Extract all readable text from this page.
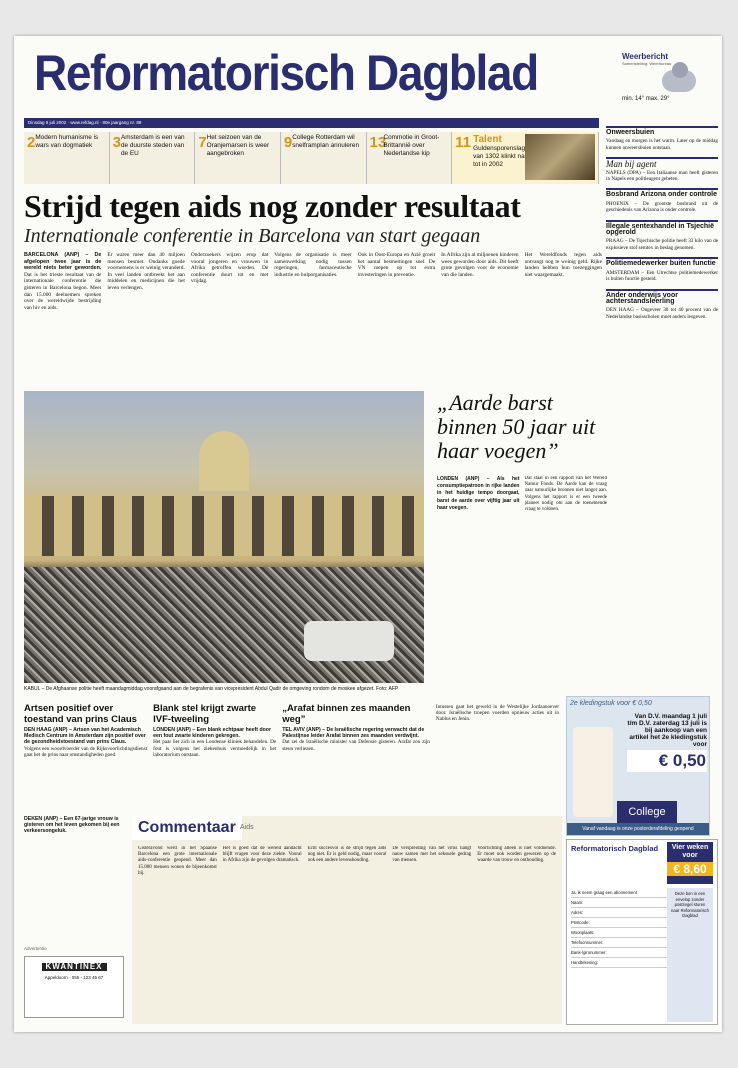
Reformatorisch Dagblad	Weerbericht
Samenstelling: Weerbureau
min. 14° max. 29°
Dinsdag 9 juli 2002 · www.refdag.nl · 80e jaargang nr. 88
2 Modern humanisme is wars van dogmatiek	3 Amsterdam is een van de duurste steden van de EU
7 Het seizoen van de Oranjemarsen is weer aangebroken
9 College Rotterdam wil snelframplan annuleren 13
Commotie in Groot-Brittannië over Nederlandse kip
11 Talent
Guldensporenslag van 1302 klinkt na tot in 2002
Strijd tegen aids nog zonder resultaat
Internationale conferentie in Barcelona van start gegaan
BARCELONA (ANP) – De afgelopen twee jaar is de wereld niets beter geworden. Dat is het trieste resultaat van de internationale conferentie die gisteren in Barcelona begon. Meer dan 15.000 deelnemers spreken over de wereldwijde bestrijding van hiv en aids.
Er waren meer dan 40 miljoen mensen besmet. Ondanks goede voornemens is er weinig veranderd. In veel landen ontbreekt het aan middelen en medicijnen die het leven verlengen.
Onderzoekers wijzen erop dat vooral jongeren en vrouwen in Afrika getroffen worden. De conferentie duurt tot en met vrijdag.
Volgens de organisatie is meer samenwerking nodig tussen regeringen, farmaceutische industrie en hulporganisaties.
Ook in Oost-Europa en Azië groeit het aantal besmettingen snel. De VN roepen op tot extra investeringen in preventie.
In Afrika zijn al miljoenen kinderen wees geworden door aids. Dit heeft grote gevolgen voor de economie van die landen.
Het Wereldfonds tegen aids ontvangt nog te weinig geld. Rijke landen hebben hun toezeggingen niet waargemaakt.
KABUL – De Afghaanse politie heeft maandagmiddag voorafgaand aan de begrafenis van vicepresident Abdul Qadir de omgeving rondom de moskee afgezet. Foto: AFP
„Aarde barst binnen 50 jaar uit haar voegen”
LONDEN (ANP) – Als het consumptiepatroon in rijke landen in het huidige tempo doorgaat, barst de aarde over vijftig jaar uit haar voegen.
Dat staat in een rapport van het Wereld Natuur Fonds. De Aarde kan de vraag naar natuurlijke bronnen niet langer aan. Volgens het rapport is er een tweede planeet nodig om aan de toenemende vraag te voldoen.
Onweersbuien

Vandaag en morgen is het warm. Later op de middag kunnen onweersbuien ontstaan.

Man bij agent

NAPELS (DPA) – Een Italiaanse man heeft gisteren in Napels een politieagent gebeten.

Bosbrand Arizona onder controle

PHOENIX – De grootste bosbrand uit de geschiedenis van Arizona is onder controle.

Illegale sentexhandel in Tsjechië opgerold

PRAAG – De Tsjechische politie heeft 33 kilo van de explosieve stof semtex in beslag genomen.

Politiemedewerker buiten functie

AMSTERDAM – Een Utrechtse politiemedewerker is buiten functie gesteld.

Ander onderwijs voor achterstandsleerling

DEN HAAG – Ongeveer 30 tot 40 procent van de Nederlandse basisscholen moet anders lesgeven.

2e kledingstuk voor € 0,50
Van D.V. maandag 1 juli t/m D.V. zaterdag 13 juli is bij aankoop van een artikel het 2e kledingstuk voor
€ 0,50
College
Vanaf vandaag is onze postorderafdeling geopend
Artsen positief over toestand van prins Claus
DEN HAAG (ANP) – Artsen van het Academisch Medisch Centrum in Amsterdam zijn positief over de gezondheidstoestand van prins Claus.

Volgens een woordvoerder van de Rijksvoorlichtingsdienst gaat het de prins naar omstandigheden goed.

Blank stel krijgt zwarte IVF-tweeling
LONDEN (ANP) – Een blank echtpaar heeft door een fout zwarte kinderen gekregen.

Het paar liet zich in een Londense kliniek behandelen. De fout is volgens het ziekenhuis vermoedelijk in het laboratorium ontstaan.

„Arafat binnen zes maanden weg”
TEL AVIV (ANP) – De Israëlische regering verwacht dat de Palestijnse leider Arafat binnen zes maanden verdwijnt.

Dat zei de Israëlische minister van Defensie gisteren. Arafat zou zijn steun verliezen.

Intussen gaat het geweld in de Westelijke Jordaanoever door. Israëlische troepen voerden opnieuw acties uit in Nablus en Jenin.

DEKEN (ANP) – Een 67-jarige vrouw is gisteren om het leven gekomen bij een verkeersongeluk.
Advertentie
KWANTINEX
Appeldoorn · 055 - 123 45 67
Commentaar Aids

Gisteravond werd in het Spaanse Barcelona een grote internationale aids-conferentie geopend. Meer dan 15.000 mensen wonen de bijeenkomst bij.

Het is goed dat de wereld aandacht blijft vragen voor deze ziekte. Vooral in Afrika zijn de gevolgen dramatisch.

Echt succesvol is de strijd tegen aids nog niet. Er is geld nodig, maar vooral ook een andere levenshouding.

De verspreiding van het virus hangt nauw samen met het seksuele gedrag van mensen.

Voorlichting alleen is niet voldoende. Er moet ook worden gewezen op de waarde van trouw en onthouding.

Reformatorisch Dagblad	Vier weken voor
€ 8,60
Ja, ik neem graag een abonnement
Naam:
Adres:
Postcode:
Woonplaats:
Telefoonnummer:
Bank-/gironummer:
Handtekening:
Deze bon in een envelop zonder postzegel sturen naar Reformatorisch Dagblad
